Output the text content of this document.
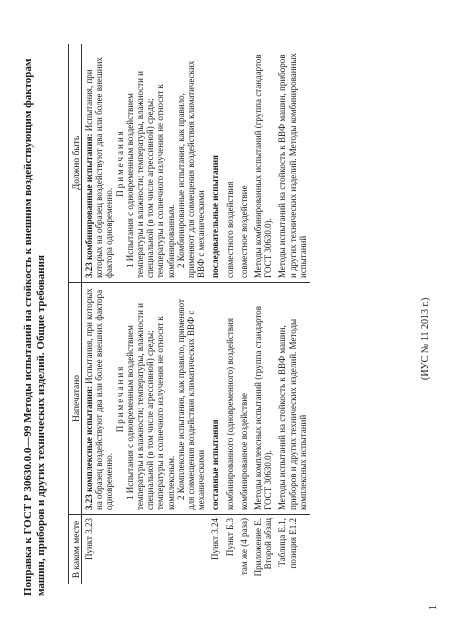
Поправка к ГОСТ Р 30630.0.0—99 Методы испытаний на стойкость к внешним воздействующим факторам машин, приборов и других технических изделий. Общие требования	В каком месте
Напечатано
Должно быть
Пункт 3.23

3.23 комплексные испытания: Испытания, при которых на образец воздействуют два или более внешних фактора одновременно.

Примечания 1 Испытания с одновременным воздействием температуры и влажности; температуры, влажности и специальной (в том числе агрессивной) среды; температуры и солнечного излучения не относят к комплексным. 2 Комплексные испытания, как правило, применяют для совмещения воздействия климатических ВВФ с механическими

3.23 комбинированные испытания: Испытания, при которых на образец воздействуют два или более внешних фактора одновременно.

Примечания 1 Испытания с одновременным воздействием температуры и влажности; температуры, влажности и специальной (в том числе агрессивной) среды; температуры и солнечного излучения не относят к комбинированным. 2 Комбинированные испытания, как правило, применяют для совмещения воздействия климатических ВВФ с механическими

Пункт 3.24

составные испытания

последовательные испытания

Пункт Б.3
комбинированного (одновременного) воздействия
совместного воздействия
там же (4 раза)
комбинированное воздействие
совместное воздействие
Приложение Е. Второй абзац
Методы комплексных испытаний (группа стандартов ГОСТ 30630.0).
Методы комбинированных испытаний (группа стандартов ГОСТ 30630.0).
Таблица Е.1, позиция Е1.2
Методы испытаний на стойкость к ВВФ машин, приборов и других технических изделий. Методы комплексных испытаний
Методы испытаний на стойкость к ВВФ машин, приборов и других технических изделий. Методы комбинированных испытаний
(ИУС № 11 2013 г.)
1
